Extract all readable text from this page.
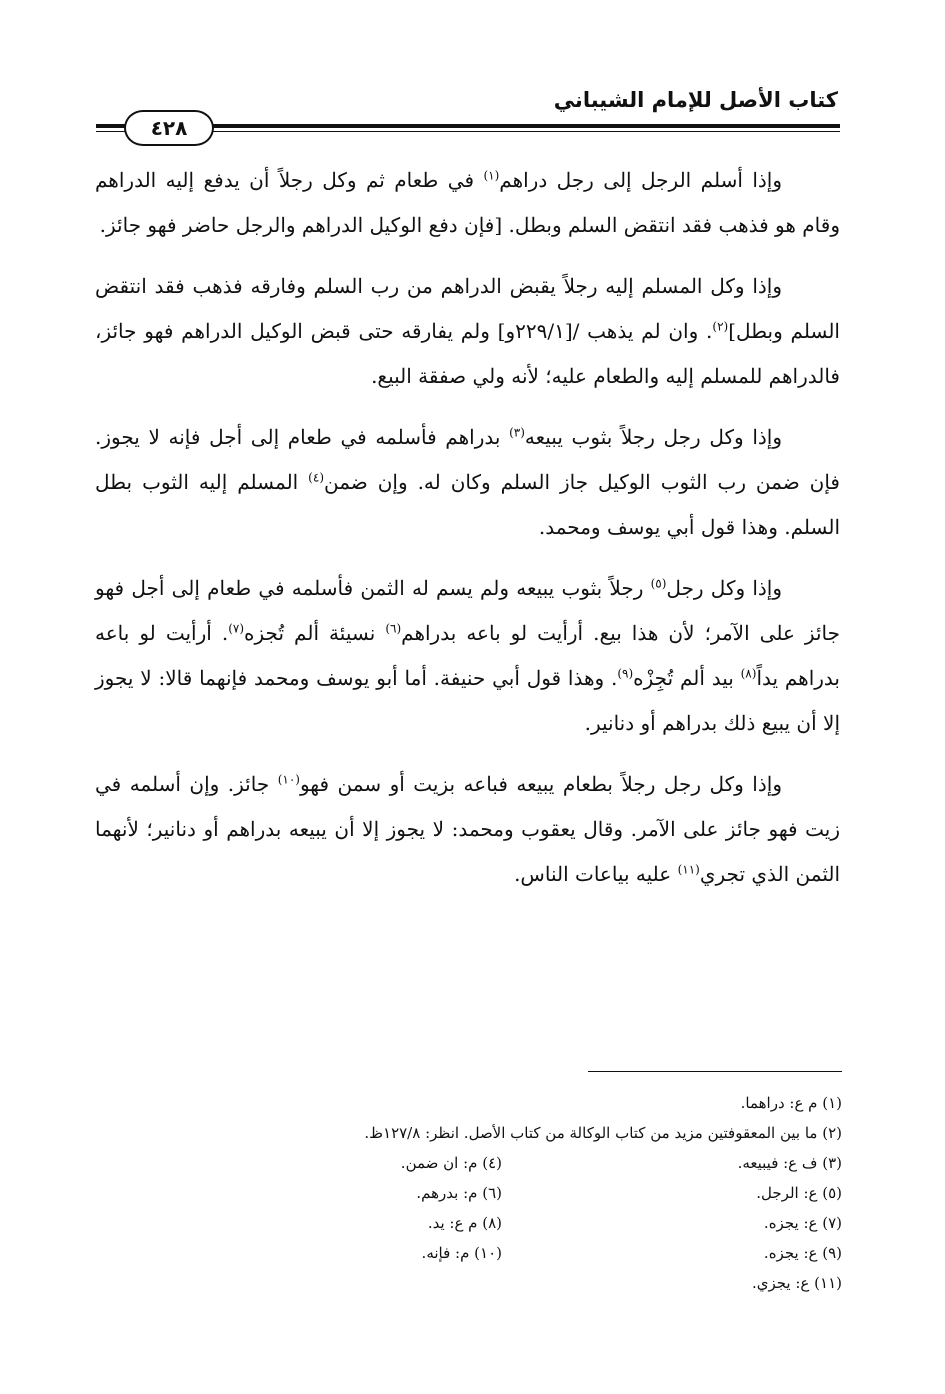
كتاب الأصل للإمام الشيباني
٤٢٨

وإذا أسلم الرجل إلى رجل دراهم$^{(١)}$ في طعام ثم وكل رجلاً أن يدفع إليه الدراهم وقام هو فذهب فقد انتقض السلم وبطل. [فإن دفع الوكيل الدراهم والرجل حاضر فهو جائز.

وإذا وكل المسلم إليه رجلاً يقبض الدراهم من رب السلم وفارقه فذهب فقد انتقض السلم وبطل]$^{(٢)}$. وان لم يذهب /[٢٢٩/١و] ولم يفارقه حتى قبض الوكيل الدراهم فهو جائز، فالدراهم للمسلم إليه والطعام عليه؛ لأنه ولي صفقة البيع.

وإذا وكل رجل رجلاً بثوب يبيعه$^{(٣)}$ بدراهم فأسلمه في طعام إلى أجل فإنه لا يجوز. فإن ضمن رب الثوب الوكيل جاز السلم وكان له. وإن ضمن$^{(٤)}$ المسلم إليه الثوب بطل السلم. وهذا قول أبي يوسف ومحمد.

وإذا وكل رجل$^{(٥)}$ رجلاً بثوب يبيعه ولم يسم له الثمن فأسلمه في طعام إلى أجل فهو جائز على الآمر؛ لأن هذا بيع. أرأيت لو باعه بدراهم$^{(٦)}$ نسيئة ألم تُجزه$^{(٧)}$. أرأيت لو باعه بدراهم يداً$^{(٨)}$ بيد ألم تُجِزْه$^{(٩)}$. وهذا قول أبي حنيفة. أما أبو يوسف ومحمد فإنهما قالا: لا يجوز إلا أن يبيع ذلك بدراهم أو دنانير.

وإذا وكل رجل رجلاً بطعام يبيعه فباعه بزيت أو سمن فهو$^{(١٠)}$ جائز. وإن أسلمه في زيت فهو جائز على الآمر. وقال يعقوب ومحمد: لا يجوز إلا أن يبيعه بدراهم أو دنانير؛ لأنهما الثمن الذي تجري$^{(١١)}$ عليه بياعات الناس.

(١) م ع: دراهما.
(٢) ما بين المعقوفتين مزيد من كتاب الوكالة من كتاب الأصل. انظر: ١٢٧/٨ظ.
(٣) ف ع: فيبيعه.
(٤) م: ان ضمن.
(٥) ع: الرجل.
(٦) م: بدرهم.
(٧) ع: يجزه.
(٨) م ع: يد.
(٩) ع: يجزه.
(١٠) م: فإنه.
(١١) ع: يجزي.
